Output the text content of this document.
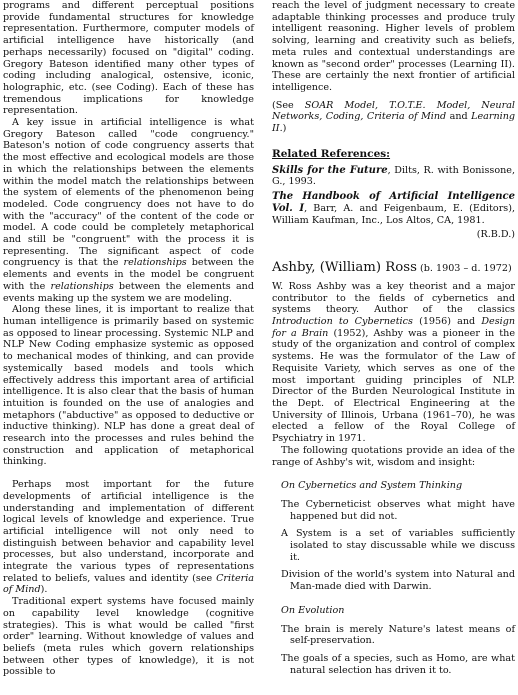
programs and different perceptual positions provide fundamental structures for knowledge representation. Furthermore, computer models of artificial intelligence have historically (and perhaps necessarily) focused on "digital" coding. Gregory Bateson identified many other types of coding including analogical, ostensive, iconic, holographic, etc. (see Coding). Each of these has tremendous implications for knowledge representation.

A key issue in artificial intelligence is what Gregory Bateson called "code congruency." Bateson's notion of code congruency asserts that the most effective and ecological models are those in which the relationships between the elements within the model match the relationships between the system of elements of the phenomenon being modeled. Code congruency does not have to do with the "accuracy" of the content of the code or model. A code could be completely metaphorical and still be "congruent" with the process it is representing. The significant aspect of code congruency is that the relationships between the elements and events in the model be congruent with the relationships between the elements and events making up the system we are modeling.

Along these lines, it is important to realize that human intelligence is primarily based on systemic as opposed to linear processing. Systemic NLP and NLP New Coding emphasize systemic as opposed to mechanical modes of thinking, and can provide systemically based models and tools which effectively address this important area of artificial intelligence. It is also clear that the basis of human intuition is founded on the use of analogies and metaphors ("abductive" as opposed to deductive or inductive thinking). NLP has done a great deal of research into the processes and rules behind the construction and application of metaphorical thinking.

Perhaps most important for the future developments of artificial intelligence is the understanding and implementation of different logical levels of knowledge and experience. True artificial intelligence will not only need to distinguish between behavior and capability level processes, but also understand, incorporate and integrate the various types of representations related to beliefs, values and identity (see Criteria of Mind).

Traditional expert systems have focused mainly on capability level knowledge (cognitive strategies). This is what would be called "first order" learning. Without knowledge of values and beliefs (meta rules which govern relationships between other types of knowledge), it is not possible to

reach the level of judgment necessary to create adaptable thinking processes and produce truly intelligent reasoning. Higher levels of problem solving, learning and creativity such as beliefs, meta rules and contextual understandings are known as "second order" processes (Learning II). These are certainly the next frontier of artificial intelligence.

(See SOAR Model, T.O.T.E. Model, Neural Networks, Coding, Criteria of Mind and Learning II.)

Related References:

Skills for the Future, Dilts, R. with Bonissone, G., 1993.

The Handbook of Artificial Intelligence Vol. I, Barr, A. and Feigenbaum, E. (Editors), William Kaufman, Inc., Los Altos, CA, 1981.

(R.B.D.)
Ashby, (William) Ross (b. 1903 – d. 1972)

W. Ross Ashby was a key theorist and a major contributor to the fields of cybernetics and systems theory. Author of the classics Introduction to Cybernetics (1956) and Design for a Brain (1952), Ashby was a pioneer in the study of the organization and control of complex systems. He was the formulator of the Law of Requisite Variety, which serves as one of the most important guiding principles of NLP. Director of the Burden Neurological Institute in the Dept. of Electrical Engineering at the University of Illinois, Urbana (1961–70), he was elected a fellow of the Royal College of Psychiatry in 1971.

The following quotations provide an idea of the range of Ashby's wit, wisdom and insight:

On Cybernetics and System Thinking

The Cyberneticist observes what might have happened but did not.

A System is a set of variables sufficiently isolated to stay discussable while we discuss it.

Division of the world's system into Natural and Man-made died with Darwin.

On Evolution

The brain is merely Nature's latest means of self-preservation.

The goals of a species, such as Homo, are what natural selection has driven it to.
